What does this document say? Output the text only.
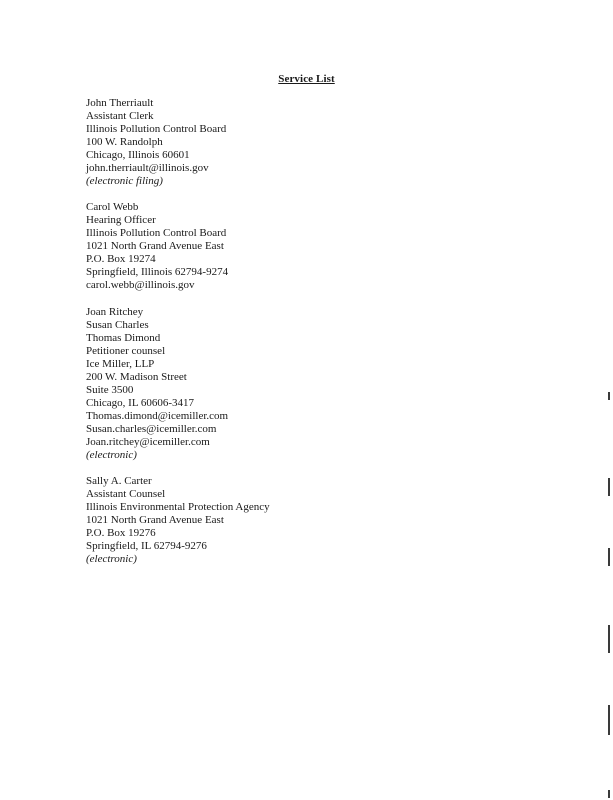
Service List
John Therriault
Assistant Clerk
Illinois Pollution Control Board
100 W. Randolph
Chicago, Illinois 60601
john.therriault@illinois.gov
(electronic filing)
Carol Webb
Hearing Officer
Illinois Pollution Control Board
1021 North Grand Avenue East
P.O. Box 19274
Springfield, Illinois 62794-9274
carol.webb@illinois.gov
Joan Ritchey
Susan Charles
Thomas Dimond
Petitioner counsel
Ice Miller, LLP
200 W. Madison Street
Suite 3500
Chicago, IL 60606-3417
Thomas.dimond@icemiller.com
Susan.charles@icemiller.com
Joan.ritchey@icemiller.com
(electronic)
Sally A. Carter
Assistant Counsel
Illinois Environmental Protection Agency
1021 North Grand Avenue East
P.O. Box 19276
Springfield, IL 62794-9276
(electronic)
